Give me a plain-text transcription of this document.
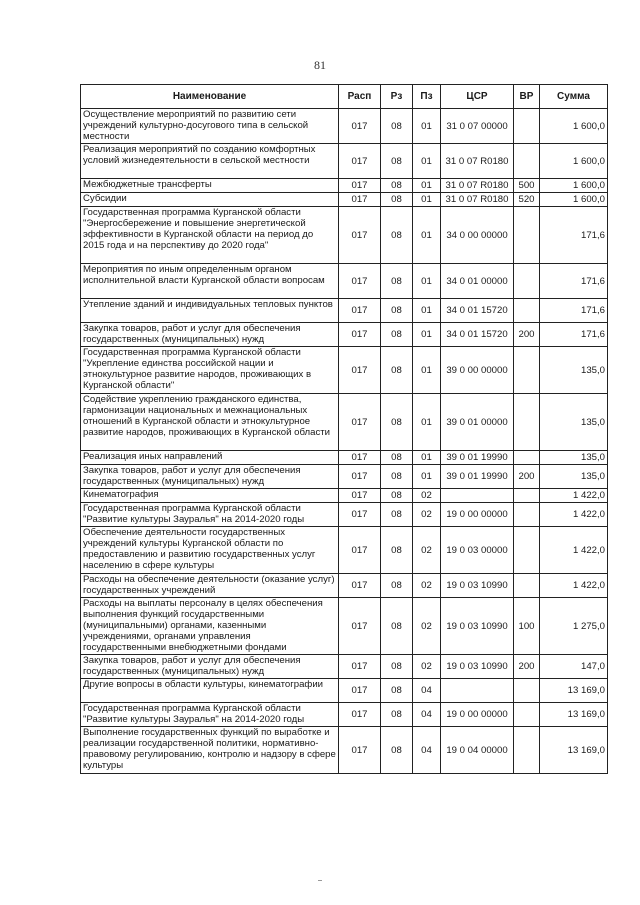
81
Наименование	Расп	Рз	Пз	ЦСР	ВР	Сумма
Осуществление мероприятий по развитию сети учреждений культурно-досугового типа в сельской местности	017	08	01	31 0 07 00000		1 600,0
Реализация мероприятий по созданию комфортных условий жизнедеятельности в сельской местности	017	08	01	31 0 07 R0180		1 600,0
Межбюджетные трансферты	017	08	01	31 0 07 R0180	500	1 600,0
Субсидии	017	08	01	31 0 07 R0180	520	1 600,0
Государственная программа Курганской области "Энергосбережение и повышение энергетической эффективности в Курганской области на период до 2015 года и на перспективу до 2020 года"	017	08	01	34 0 00 00000		171,6
Мероприятия по иным определенным органом исполнительной власти Курганской области вопросам	017	08	01	34 0 01 00000		171,6
Утепление зданий и индивидуальных тепловых пунктов	017	08	01	34 0 01 15720		171,6
Закупка товаров, работ и услуг для обеспечения государственных (муниципальных) нужд	017	08	01	34 0 01 15720	200	171,6
Государственная программа Курганской области "Укрепление единства российской нации и этнокультурное развитие народов, проживающих в Курганской области"	017	08	01	39 0 00 00000		135,0
Содействие укреплению гражданского единства, гармонизации национальных и межнациональных отношений в Курганской области и этнокультурное развитие народов, проживающих в Курганской области	017	08	01	39 0 01 00000		135,0
Реализация иных направлений	017	08	01	39 0 01 19990		135,0
Закупка товаров, работ и услуг для обеспечения государственных (муниципальных) нужд	017	08	01	39 0 01 19990	200	135,0
Кинематография	017	08	02			1 422,0
Государственная программа Курганской области "Развитие культуры Зауралья" на 2014-2020 годы	017	08	02	19 0 00 00000		1 422,0
Обеспечение деятельности государственных учреждений культуры Курганской области по предоставлению и развитию государственных услуг населению в сфере культуры	017	08	02	19 0 03 00000		1 422,0
Расходы на обеспечение деятельности (оказание услуг) государственных учреждений	017	08	02	19 0 03 10990		1 422,0
Расходы на выплаты персоналу в целях обеспечения выполнения функций государственными (муниципальными) органами, казенными учреждениями, органами управления государственными внебюджетными фондами	017	08	02	19 0 03 10990	100	1 275,0
Закупка товаров, работ и услуг для обеспечения государственных (муниципальных) нужд	017	08	02	19 0 03 10990	200	147,0
Другие вопросы в области культуры, кинематографии	017	08	04			13 169,0
Государственная программа Курганской области "Развитие культуры Зауралья" на 2014-2020 годы	017	08	04	19 0 00 00000		13 169,0
Выполнение государственных функций по выработке и реализации государственной политики, нормативно-правовому регулированию, контролю и надзору в сфере культуры	017	08	04	19 0 04 00000		13 169,0
